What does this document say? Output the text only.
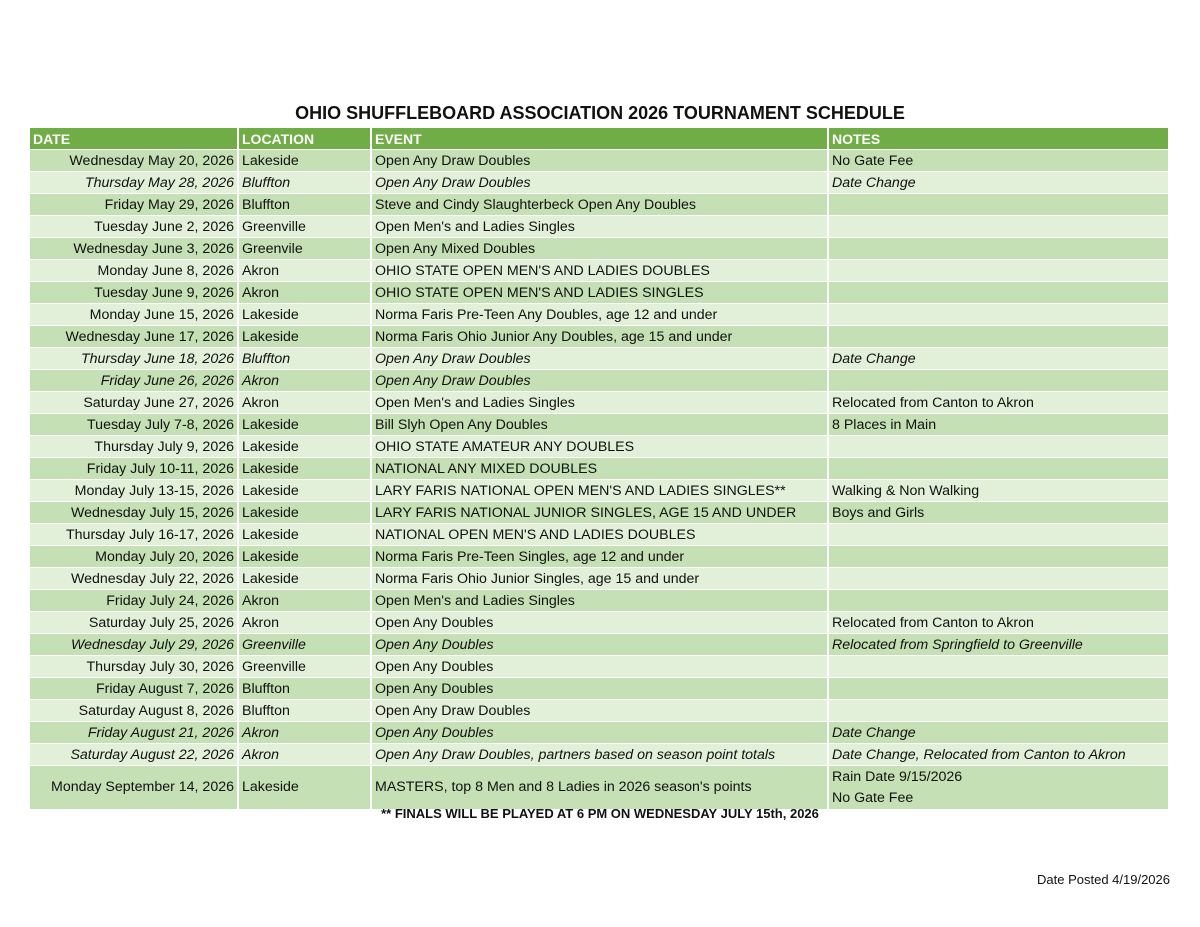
OHIO SHUFFLEBOARD ASSOCIATION 2026 TOURNAMENT SCHEDULE
DATE	LOCATION	EVENT	NOTES
Wednesday May 20, 2026	Lakeside	Open Any Draw Doubles	No Gate Fee

Thursday May 28, 2026	Bluffton	Open Any Draw Doubles	Date Change

Friday May 29, 2026	Bluffton	Steve and Cindy Slaughterbeck Open Any Doubles	
Tuesday June 2, 2026	Greenville	Open Men's and Ladies Singles	
Wednesday June 3, 2026	Greenvile	Open Any Mixed Doubles	
Monday June 8, 2026	Akron	OHIO STATE OPEN MEN'S AND LADIES DOUBLES	
Tuesday June 9, 2026	Akron	OHIO STATE OPEN MEN'S AND LADIES SINGLES	
Monday June 15, 2026	Lakeside	Norma Faris Pre-Teen Any Doubles, age 12 and under	
Wednesday June 17, 2026	Lakeside	Norma Faris Ohio Junior Any Doubles, age 15 and under	
Thursday June 18, 2026	Bluffton	Open Any Draw Doubles	Date Change

Friday June 26, 2026	Akron	Open Any Draw Doubles	
Saturday June 27, 2026	Akron	Open Men's and Ladies Singles	Relocated from Canton to Akron

Tuesday July 7-8, 2026	Lakeside	Bill Slyh Open Any Doubles	8 Places in Main

Thursday July 9, 2026	Lakeside	OHIO STATE AMATEUR ANY DOUBLES	
Friday July 10-11, 2026	Lakeside	NATIONAL ANY MIXED DOUBLES	
Monday July 13-15, 2026	Lakeside	LARY FARIS NATIONAL OPEN MEN'S AND LADIES SINGLES**	Walking & Non Walking

Wednesday July 15, 2026	Lakeside	LARY FARIS NATIONAL JUNIOR SINGLES, AGE 15 AND UNDER	Boys and Girls

Thursday July 16-17, 2026	Lakeside	NATIONAL OPEN MEN'S AND LADIES DOUBLES	
Monday July 20, 2026	Lakeside	Norma Faris Pre-Teen Singles, age 12 and under	
Wednesday July 22, 2026	Lakeside	Norma Faris Ohio Junior Singles, age 15 and under	
Friday July 24, 2026	Akron	Open Men's and Ladies Singles	
Saturday July 25, 2026	Akron	Open Any Doubles	Relocated from Canton to Akron

Wednesday July 29, 2026	Greenville	Open Any Doubles	Relocated from Springfield to Greenville

Thursday July 30, 2026	Greenville	Open Any Doubles	
Friday August 7, 2026	Bluffton	Open Any Doubles	
Saturday August 8, 2026	Bluffton	Open Any Draw Doubles	
Friday August 21, 2026	Akron	Open Any Doubles	Date Change

Saturday August 22, 2026	Akron	Open Any Draw Doubles, partners based on season point totals	Date Change, Relocated from Canton to Akron

Monday September 14, 2026	Lakeside	MASTERS, top 8 Men and 8 Ladies in 2026 season's points	Rain Date 9/15/2026
No Gate Fee
** FINALS WILL BE PLAYED AT 6 PM ON WEDNESDAY JULY 15th, 2026
Date Posted 4/19/2026
